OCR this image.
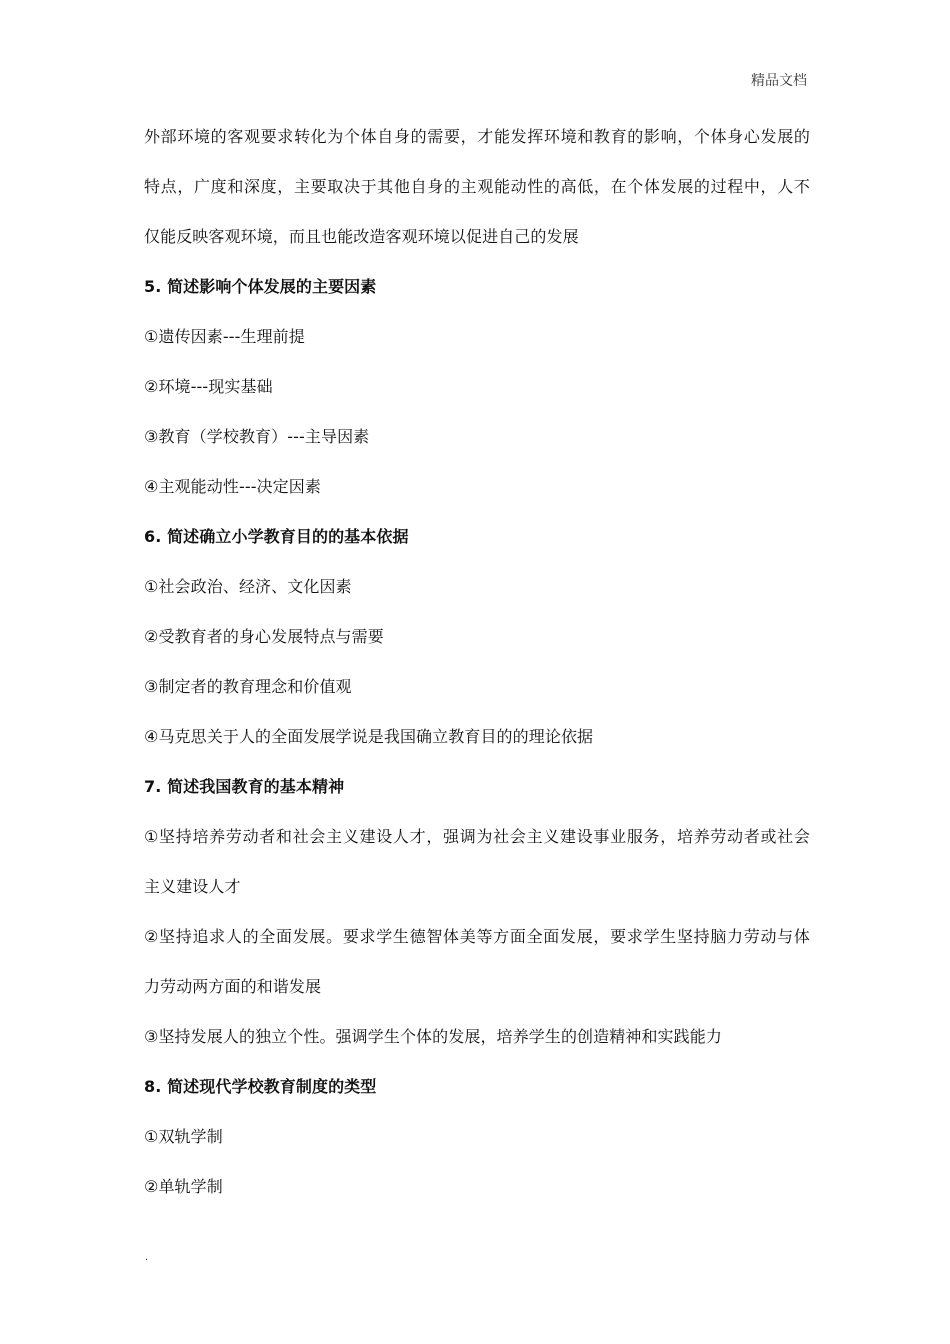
精品文档
外部环境的客观要求转化为个体自身的需要，才能发挥环境和教育的影响，个体身心发展的
特点，广度和深度，主要取决于其他自身的主观能动性的高低，在个体发展的过程中，人不
仅能反映客观环境，而且也能改造客观环境以促进自己的发展
5. 简述影响个体发展的主要因素
①遗传因素---生理前提
②环境---现实基础
③教育（学校教育）---主导因素
④主观能动性---决定因素
6. 简述确立小学教育目的的基本依据
①社会政治、经济、文化因素
②受教育者的身心发展特点与需要
③制定者的教育理念和价值观
④马克思关于人的全面发展学说是我国确立教育目的的理论依据
7. 简述我国教育的基本精神
①坚持培养劳动者和社会主义建设人才，强调为社会主义建设事业服务，培养劳动者或社会
主义建设人才
②坚持追求人的全面发展。要求学生德智体美等方面全面发展，要求学生坚持脑力劳动与体
力劳动两方面的和谐发展
③坚持发展人的独立个性。强调学生个体的发展，培养学生的创造精神和实践能力
8. 简述现代学校教育制度的类型
①双轨学制
②单轨学制
.
